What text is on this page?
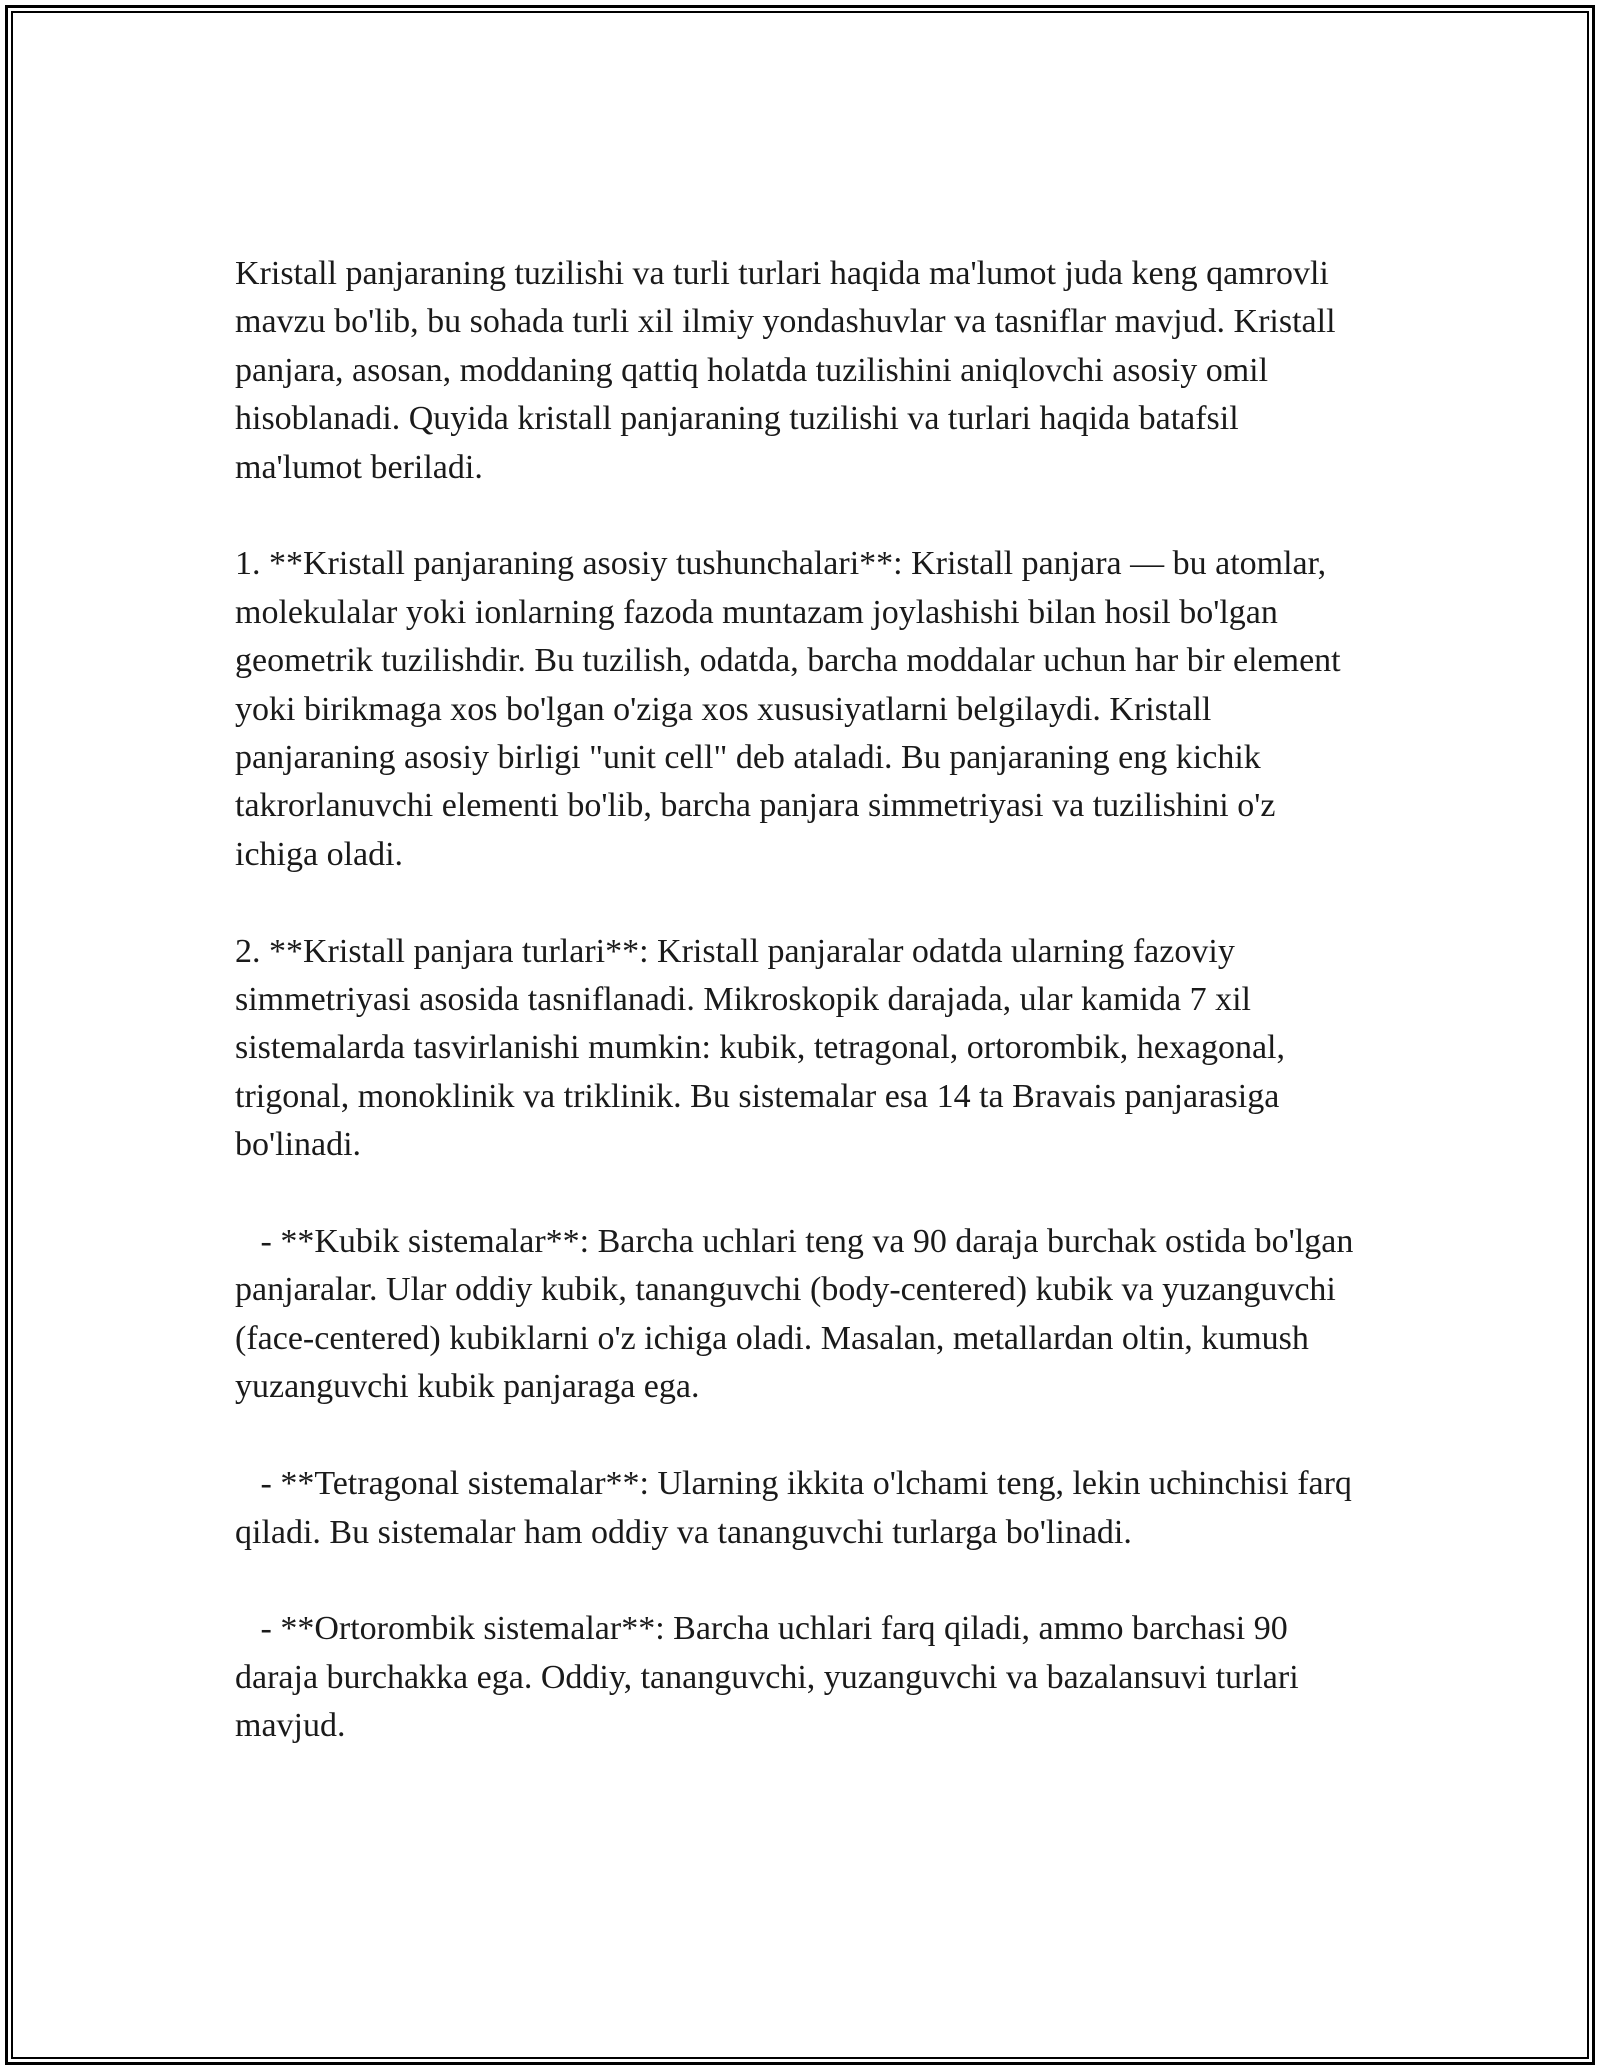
Kristall panjaraning tuzilishi va turli turlari haqida ma'lumot juda keng qamrovli mavzu bo'lib, bu sohada turli xil ilmiy yondashuvlar va tasniflar mavjud. Kristall panjara, asosan, moddaning qattiq holatda tuzilishini aniqlovchi asosiy omil hisoblanadi. Quyida kristall panjaraning tuzilishi va turlari haqida batafsil ma'lumot beriladi.

1. **Kristall panjaraning asosiy tushunchalari**: Kristall panjara — bu atomlar, molekulalar yoki ionlarning fazoda muntazam joylashishi bilan hosil bo'lgan geometrik tuzilishdir. Bu tuzilish, odatda, barcha moddalar uchun har bir element yoki birikmaga xos bo'lgan o'ziga xos xususiyatlarni belgilaydi. Kristall panjaraning asosiy birligi "unit cell" deb ataladi. Bu panjaraning eng kichik takrorlanuvchi elementi bo'lib, barcha panjara simmetriyasi va tuzilishini o'z ichiga oladi.

2. **Kristall panjara turlari**: Kristall panjaralar odatda ularning fazoviy simmetriyasi asosida tasniflanadi. Mikroskopik darajada, ular kamida 7 xil sistemalarda tasvirlanishi mumkin: kubik, tetragonal, ortorombik, hexagonal, trigonal, monoklinik va triklinik. Bu sistemalar esa 14 ta Bravais panjarasiga bo'linadi.

- **Kubik sistemalar**: Barcha uchlari teng va 90 daraja burchak ostida bo'lgan panjaralar. Ular oddiy kubik, tananguvchi (body-centered) kubik va yuzanguvchi (face-centered) kubiklarni o'z ichiga oladi. Masalan, metallardan oltin, kumush yuzanguvchi kubik panjaraga ega.

- **Tetragonal sistemalar**: Ularning ikkita o'lchami teng, lekin uchinchisi farq qiladi. Bu sistemalar ham oddiy va tananguvchi turlarga bo'linadi.

- **Ortorombik sistemalar**: Barcha uchlari farq qiladi, ammo barchasi 90 daraja burchakka ega. Oddiy, tananguvchi, yuzanguvchi va bazalansuvi turlari mavjud.
